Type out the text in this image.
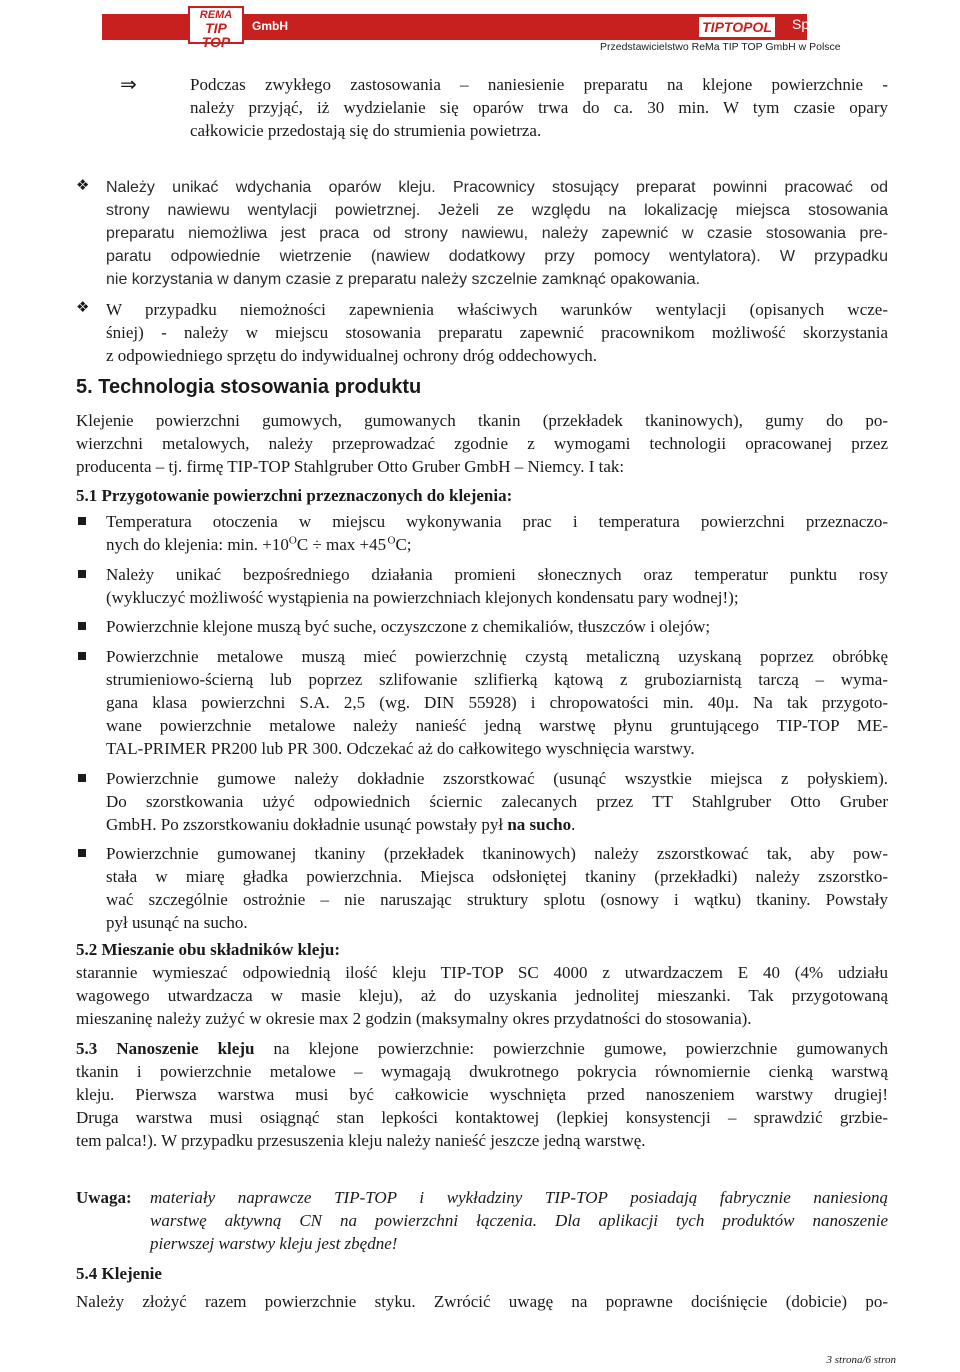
REMA
TIP TOP
GmbH	TIPTOPOL	Sp. z o.o.
Przedstawicielstwo ReMa TIP TOP GmbH w Polsce
⇒	Podczas zwykłego zastosowania – naniesienie preparatu na klejone powierzchnie -
należy przyjąć, iż wydzielanie się oparów trwa do ca. 30 min. W tym czasie opary
całkowicie przedostają się do strumienia powietrza.
❖ Należy unikać wdychania oparów kleju. Pracownicy stosujący preparat powinni pracować od
strony nawiewu wentylacji powietrznej. Jeżeli ze względu na lokalizację miejsca stosowania
preparatu niemożliwa jest praca od strony nawiewu, należy zapewnić w czasie stosowania pre-
paratu odpowiednie wietrzenie (nawiew dodatkowy przy pomocy wentylatora). W przypadku
nie korzystania w danym czasie z preparatu należy szczelnie zamknąć opakowania.
❖ W przypadku niemożności zapewnienia właściwych warunków wentylacji (opisanych wcze-
śniej) - należy w miejscu stosowania preparatu zapewnić pracownikom możliwość skorzystania
z odpowiedniego sprzętu do indywidualnej ochrony dróg oddechowych.
5. Technologia stosowania produktu
Klejenie powierzchni gumowych, gumowanych tkanin (przekładek tkaninowych), gumy do po-
wierzchni metalowych, należy przeprowadzać zgodnie z wymogami technologii opracowanej przez
producenta – tj. firmę TIP-TOP Stahlgruber Otto Gruber GmbH – Niemcy. I tak:
5.1 Przygotowanie powierzchni przeznaczonych do klejenia:
Temperatura otoczenia w miejscu wykonywania prac i temperatura powierzchni przeznaczo-
nych do klejenia: min. $+10^OC \div \max +45$ $^O$C;
Należy unikać bezpośredniego działania promieni słonecznych oraz temperatur punktu rosy
(wykluczyć możliwość wystąpienia na powierzchniach klejonych kondensatu pary wodnej!);
Powierzchnie klejone muszą być suche, oczyszczone z chemikaliów, tłuszczów i olejów;
Powierzchnie metalowe muszą mieć powierzchnię czystą metaliczną uzyskaną poprzez obróbkę
strumieniowo-ścierną lub poprzez szlifowanie szlifierką kątową z gruboziarnistą tarczą – wyma-
gana klasa powierzchni S.A. 2,5 (wg. DIN 55928) i chropowatości min. 40µ. Na tak przygoto-
wane powierzchnie metalowe należy nanieść jedną warstwę płynu gruntującego TIP-TOP ME-
TAL-PRIMER PR200 lub PR 300. Odczekać aż do całkowitego wyschnięcia warstwy.
Powierzchnie gumowe należy dokładnie zszorstkować (usunąć wszystkie miejsca z połyskiem).
Do szorstkowania użyć odpowiednich ściernic zalecanych przez TT Stahlgruber Otto Gruber
GmbH. Po zszorstkowaniu dokładnie usunąć powstały pył na sucho.
Powierzchnie gumowanej tkaniny (przekładek tkaninowych) należy zszorstkować tak, aby pow-
stała w miarę gładka powierzchnia. Miejsca odsłoniętej tkaniny (przekładki) należy zszorstko-
wać szczególnie ostrożnie – nie naruszając struktury splotu (osnowy i wątku) tkaniny. Powstały
pył usunąć na sucho.
5.2 Mieszanie obu składników kleju:
starannie wymieszać odpowiednią ilość kleju TIP-TOP SC 4000 z utwardzaczem E 40 (4% udziału
wagowego utwardzacza w masie kleju), aż do uzyskania jednolitej mieszanki. Tak przygotowaną
mieszaninę należy zużyć w okresie max 2 godzin (maksymalny okres przydatności do stosowania).
5.3 Nanoszenie kleju na klejone powierzchnie: powierzchnie gumowe, powierzchnie gumowanych
tkanin i powierzchnie metalowe – wymagają dwukrotnego pokrycia równomiernie cienką warstwą
kleju. Pierwsza warstwa musi być całkowicie wyschnięta przed nanoszeniem warstwy drugiej!
Druga warstwa musi osiągnąć stan lepkości kontaktowej (lepkiej konsystencji – sprawdzić grzbie-
tem palca!). W przypadku przesuszenia kleju należy nanieść jeszcze jedną warstwę.
Uwaga: materiały naprawcze TIP-TOP i wykładziny TIP-TOP posiadają fabrycznie naniesioną
warstwę aktywną CN na powierzchni łączenia. Dla aplikacji tych produktów nanoszenie
pierwszej warstwy kleju jest zbędne!
5.4 Klejenie
Należy złożyć razem powierzchnie styku. Zwrócić uwagę na poprawne dociśnięcie (dobicie) po-
3 strona/6 stron
